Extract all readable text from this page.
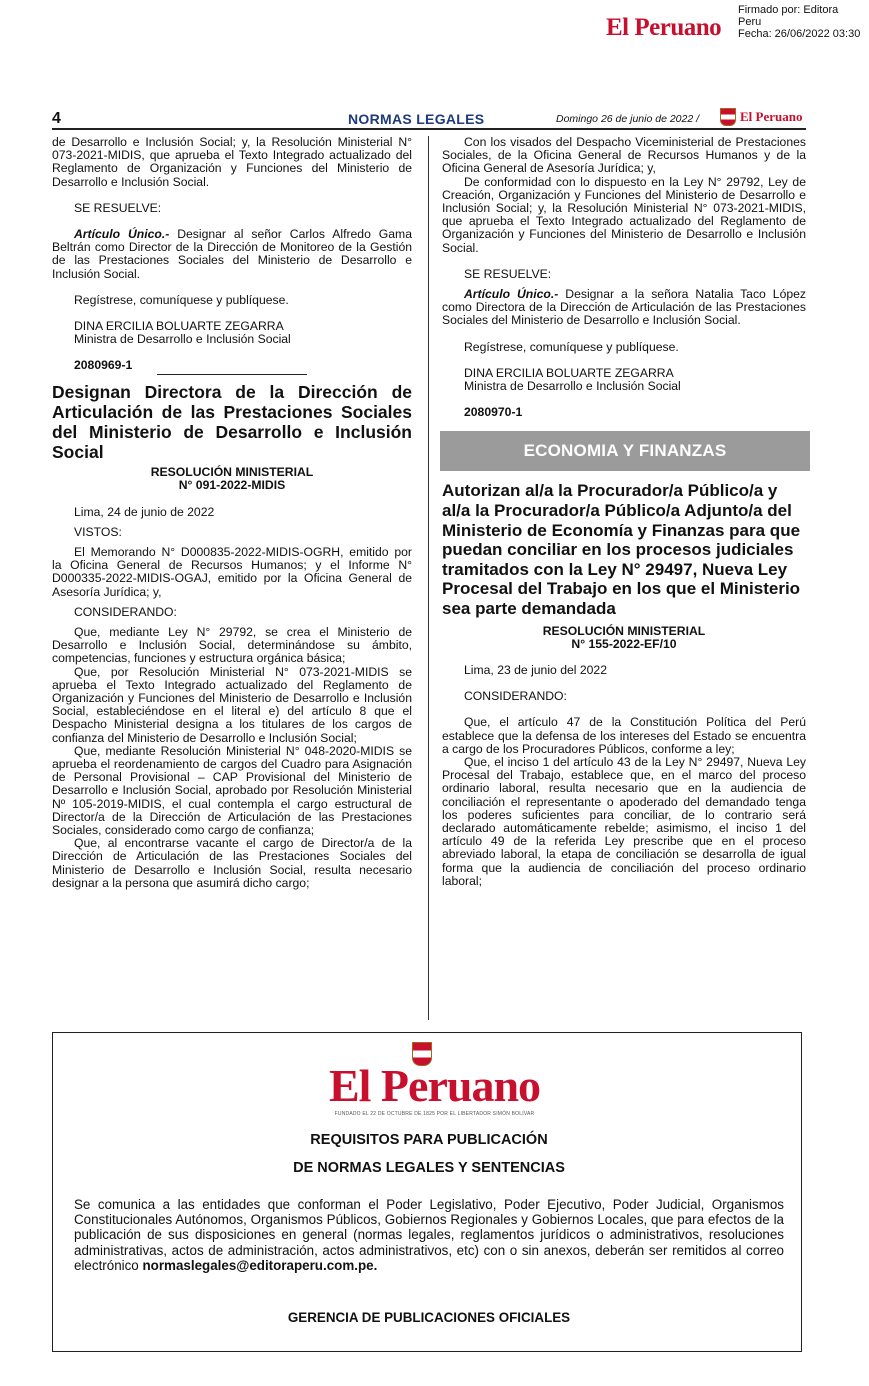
El Peruano
Firmado por: Editora
Peru
Fecha: 26/06/2022 03:30
4	NORMAS LEGALES	Domingo 26 de junio de 2022 /	El Peruano

de Desarrollo e Inclusión Social; y, la Resolución Ministerial N° 073-2021-MIDIS, que aprueba el Texto Integrado actualizado del Reglamento de Organización y Funciones del Ministerio de Desarrollo e Inclusión Social.

SE RESUELVE:

Artículo Único.- Designar al señor Carlos Alfredo Gama Beltrán como Director de la Dirección de Monitoreo de la Gestión de las Prestaciones Sociales del Ministerio de Desarrollo e Inclusión Social.

Regístrese, comuníquese y publíquese.

DINA ERCILIA BOLUARTE ZEGARRA

Ministra de Desarrollo e Inclusión Social

2080969-1

Designan Directora de la Dirección de Articulación de las Prestaciones Sociales del Ministerio de Desarrollo e Inclusión Social

RESOLUCIÓN MINISTERIAL

N° 091-2022-MIDIS

Lima, 24 de junio de 2022

VISTOS:

El Memorando N° D000835-2022-MIDIS-OGRH, emitido por la Oficina General de Recursos Humanos; y el Informe N° D000335-2022-MIDIS-OGAJ, emitido por la Oficina General de Asesoría Jurídica; y,

CONSIDERANDO:

Que, mediante Ley N° 29792, se crea el Ministerio de Desarrollo e Inclusión Social, determinándose su ámbito, competencias, funciones y estructura orgánica básica;

Que, por Resolución Ministerial N° 073-2021-MIDIS se aprueba el Texto Integrado actualizado del Reglamento de Organización y Funciones del Ministerio de Desarrollo e Inclusión Social, estableciéndose en el literal e) del artículo 8 que el Despacho Ministerial designa a los titulares de los cargos de confianza del Ministerio de Desarrollo e Inclusión Social;

Que, mediante Resolución Ministerial N° 048-2020-MIDIS se aprueba el reordenamiento de cargos del Cuadro para Asignación de Personal Provisional – CAP Provisional del Ministerio de Desarrollo e Inclusión Social, aprobado por Resolución Ministerial Nº 105-2019-MIDIS, el cual contempla el cargo estructural de Director/a de la Dirección de Articulación de las Prestaciones Sociales, considerado como cargo de confianza;

Que, al encontrarse vacante el cargo de Director/a de la Dirección de Articulación de las Prestaciones Sociales del Ministerio de Desarrollo e Inclusión Social, resulta necesario designar a la persona que asumirá dicho cargo;

Con los visados del Despacho Viceministerial de Prestaciones Sociales, de la Oficina General de Recursos Humanos y de la Oficina General de Asesoría Jurídica; y,

De conformidad con lo dispuesto en la Ley N° 29792, Ley de Creación, Organización y Funciones del Ministerio de Desarrollo e Inclusión Social; y, la Resolución Ministerial N° 073-2021-MIDIS, que aprueba el Texto Integrado actualizado del Reglamento de Organización y Funciones del Ministerio de Desarrollo e Inclusión Social.

SE RESUELVE:

Artículo Único.- Designar a la señora Natalia Taco López como Directora de la Dirección de Articulación de las Prestaciones Sociales del Ministerio de Desarrollo e Inclusión Social.

Regístrese, comuníquese y publíquese.

DINA ERCILIA BOLUARTE ZEGARRA

Ministra de Desarrollo e Inclusión Social

2080970-1

ECONOMIA Y FINANZAS

Autorizan al/a la Procurador/a Público/a y al/a la Procurador/a Público/a Adjunto/a del Ministerio de Economía y Finanzas para que puedan conciliar en los procesos judiciales tramitados con la Ley N° 29497, Nueva Ley Procesal del Trabajo en los que el Ministerio sea parte demandada

RESOLUCIÓN MINISTERIAL

N° 155-2022-EF/10

Lima, 23 de junio del 2022

CONSIDERANDO:

Que, el artículo 47 de la Constitución Política del Perú establece que la defensa de los intereses del Estado se encuentra a cargo de los Procuradores Públicos, conforme a ley;

Que, el inciso 1 del artículo 43 de la Ley N° 29497, Nueva Ley Procesal del Trabajo, establece que, en el marco del proceso ordinario laboral, resulta necesario que en la audiencia de conciliación el representante o apoderado del demandado tenga los poderes suficientes para conciliar, de lo contrario será declarado automáticamente rebelde; asimismo, el inciso 1 del artículo 49 de la referida Ley prescribe que en el proceso abreviado laboral, la etapa de conciliación se desarrolla de igual forma que la audiencia de conciliación del proceso ordinario laboral;

El Peruano
FUNDADO EL 22 DE OCTUBRE DE 1825 POR EL LIBERTADOR SIMÓN BOLÍVAR
REQUISITOS PARA PUBLICACIÓN
DE NORMAS LEGALES Y SENTENCIAS
Se comunica a las entidades que conforman el Poder Legislativo, Poder Ejecutivo, Poder Judicial, Organismos Constitucionales Autónomos, Organismos Públicos, Gobiernos Regionales y Gobiernos Locales, que para efectos de la publicación de sus disposiciones en general (normas legales, reglamentos jurídicos o administrativos, resoluciones administrativas, actos de administración, actos administrativos, etc) con o sin anexos, deberán ser remitidos al correo electrónico normaslegales@editoraperu.com.pe.
GERENCIA DE PUBLICACIONES OFICIALES
